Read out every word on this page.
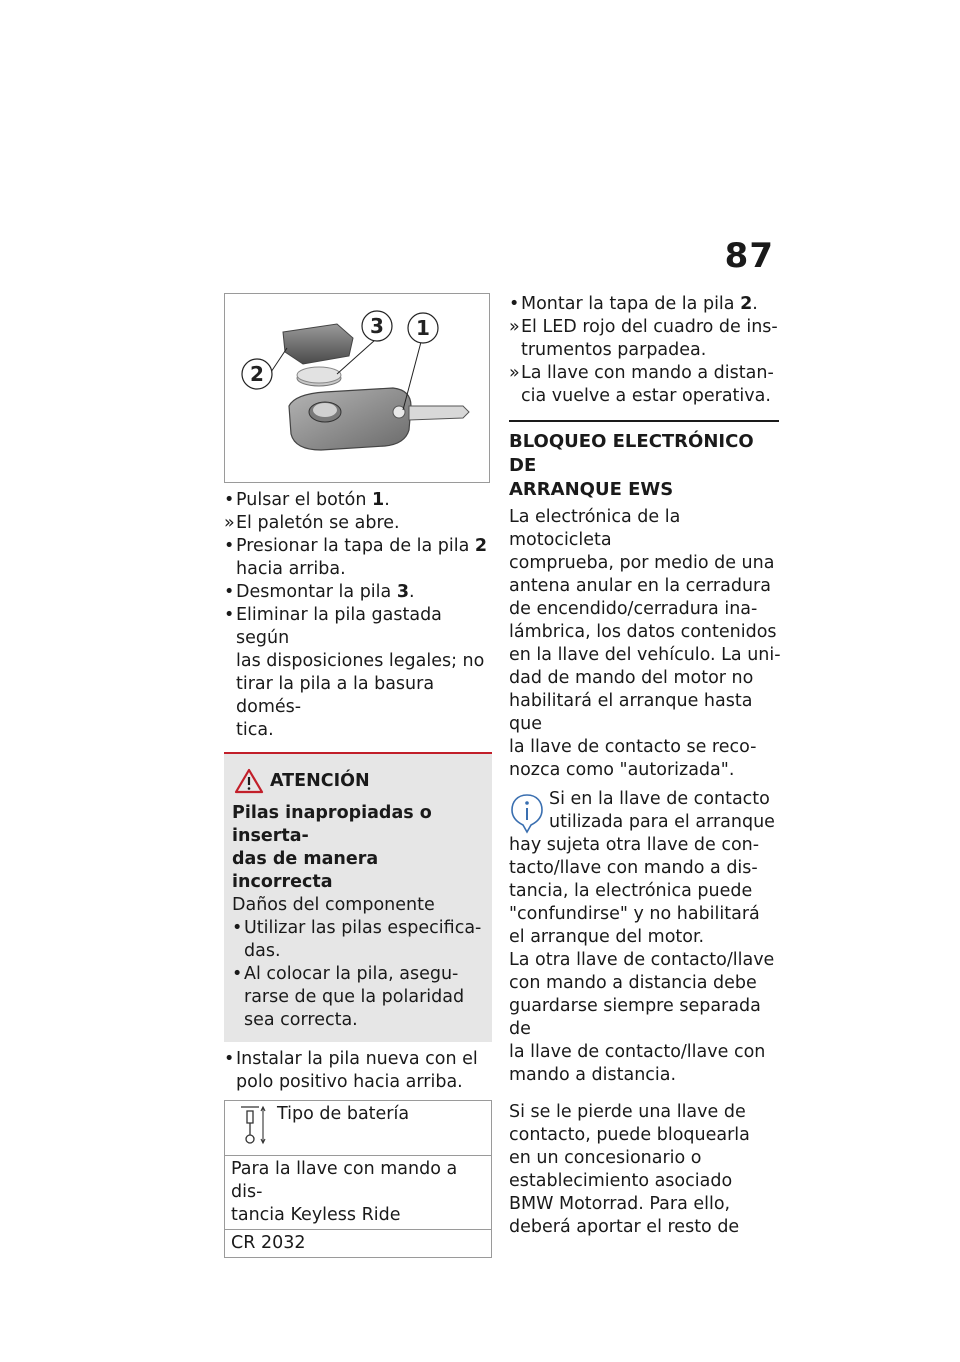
87
2
3 1
• Pulsar el botón 1.
» El paletón se abre.
• Presionar la tapa de la pila 2
hacia arriba.
• Desmontar la pila 3.
• Eliminar la pila gastada según
las disposiciones legales; no
tirar la pila a la basura domés-
tica.
ATENCIÓN
Pilas inapropiadas o inserta-
das de manera incorrecta
Daños del componente
• Utilizar las pilas especifica-
das.
• Al colocar la pila, asegu-
rarse de que la polaridad
sea correcta.
• Instalar la pila nueva con el
polo positivo hacia arriba.
Tipo de batería
Para la llave con mando a dis-
tancia Keyless Ride
CR 2032
• Montar la tapa de la pila 2.
» El LED rojo del cuadro de ins-
trumentos parpadea.
» La llave con mando a distan-
cia vuelve a estar operativa.
BLOQUEO ELECTRÓNICO DE
ARRANQUE EWS
La electrónica de la motocicleta
comprueba, por medio de una
antena anular en la cerradura
de encendido/cerradura ina-
lámbrica, los datos contenidos
en la llave del vehículo. La uni-
dad de mando del motor no
habilitará el arranque hasta que
la llave de contacto se reco-
nozca como "autorizada".
Si en la llave de contacto
utilizada para el arranque
hay sujeta otra llave de con-
tacto/llave con mando a dis-
tancia, la electrónica puede
"confundirse" y no habilitará
el arranque del motor.
La otra llave de contacto/llave
con mando a distancia debe
guardarse siempre separada de
la llave de contacto/llave con
mando a distancia.
Si se le pierde una llave de
contacto, puede bloquearla
en un concesionario o
establecimiento asociado
BMW Motorrad. Para ello,
deberá aportar el resto de
